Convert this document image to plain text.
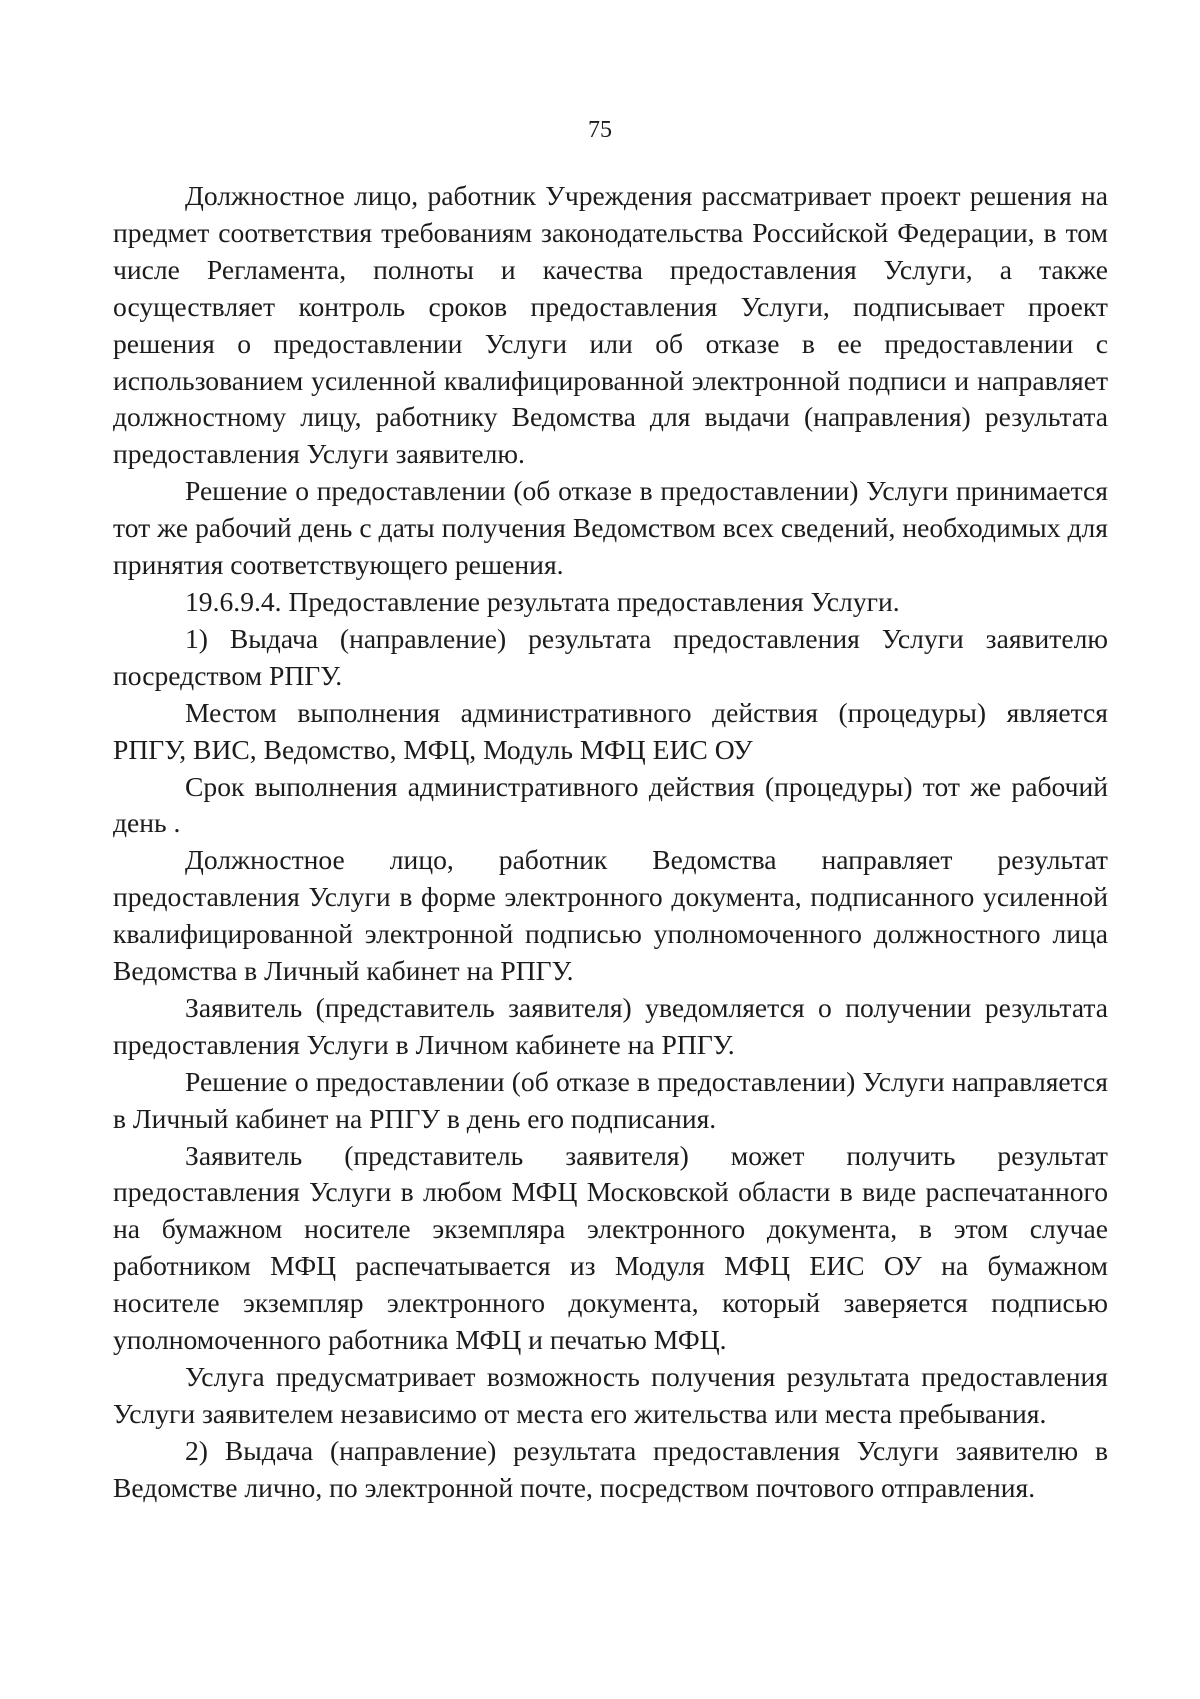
75

Должностное лицо, работник Учреждения рассматривает проект решения на предмет соответствия требованиям законодательства Российской Федерации, в том числе Регламента, полноты и качества предоставления Услуги, а также осуществляет контроль сроков предоставления Услуги, подписывает проект решения о предоставлении Услуги или об отказе в ее предоставлении с использованием усиленной квалифицированной электронной подписи и направляет должностному лицу, работнику Ведомства для выдачи (направления) результата предоставления Услуги заявителю.

Решение о предоставлении (об отказе в предоставлении) Услуги принимается тот же рабочий день с даты получения Ведомством всех сведений, необходимых для принятия соответствующего решения.

19.6.9.4. Предоставление результата предоставления Услуги.

1) Выдача (направление) результата предоставления Услуги заявителю посредством РПГУ.

Местом выполнения административного действия (процедуры) является РПГУ, ВИС, Ведомство, МФЦ, Модуль МФЦ ЕИС ОУ

Срок выполнения административного действия (процедуры) тот же рабочий день .

Должностное лицо, работник Ведомства направляет результат предоставления Услуги в форме электронного документа, подписанного усиленной квалифицированной электронной подписью уполномоченного должностного лица Ведомства в Личный кабинет на РПГУ.

Заявитель (представитель заявителя) уведомляется о получении результата предоставления Услуги в Личном кабинете на РПГУ.

Решение о предоставлении (об отказе в предоставлении) Услуги направляется в Личный кабинет на РПГУ в день его подписания.

Заявитель (представитель заявителя) может получить результат предоставления Услуги в любом МФЦ Московской области в виде распечатанного на бумажном носителе экземпляра электронного документа, в этом случае работником МФЦ распечатывается из Модуля МФЦ ЕИС ОУ на бумажном носителе экземпляр электронного документа, который заверяется подписью уполномоченного работника МФЦ и печатью МФЦ.

Услуга предусматривает возможность получения результата предоставления Услуги заявителем независимо от места его жительства или места пребывания.

2) Выдача (направление) результата предоставления Услуги заявителю в Ведомстве лично, по электронной почте, посредством почтового отправления.
